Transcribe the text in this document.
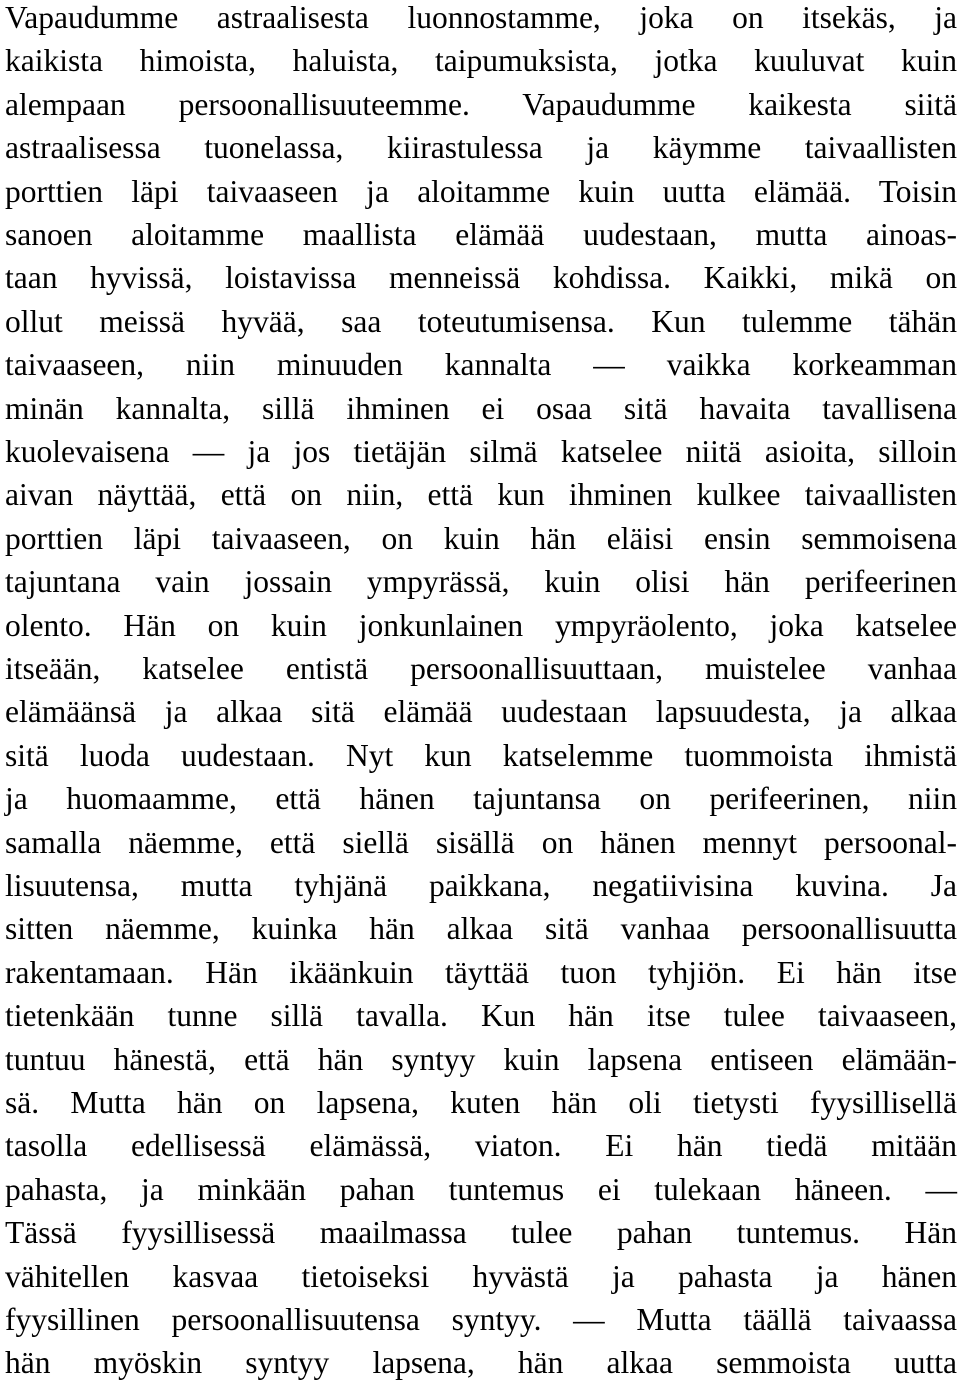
Vapaudumme astraalisesta luonnostamme, joka on itsekäs, ja
kaikista himoista, haluista, taipumuksista, jotka kuuluvat kuin
alempaan persoonallisuuteemme. Vapaudumme kaikesta siitä
astraalisessa tuonelassa, kiirastulessa ja käymme taivaallisten
porttien läpi taivaaseen ja aloitamme kuin uutta elämää. Toisin
sanoen aloitamme maallista elämää uudestaan, mutta ainoas-
taan hyvissä, loistavissa menneissä kohdissa. Kaikki, mikä on
ollut meissä hyvää, saa toteutumisensa. Kun tulemme tähän
taivaaseen, niin minuuden kannalta — vaikka korkeamman
minän kannalta, sillä ihminen ei osaa sitä havaita tavallisena
kuolevaisena — ja jos tietäjän silmä katselee niitä asioita, silloin
aivan näyttää, että on niin, että kun ihminen kulkee taivaallisten
porttien läpi taivaaseen, on kuin hän eläisi ensin semmoisena
tajuntana vain jossain ympyrässä, kuin olisi hän perifeerinen
olento. Hän on kuin jonkunlainen ympyräolento, joka katselee
itseään, katselee entistä persoonallisuuttaan, muistelee vanhaa
elämäänsä ja alkaa sitä elämää uudestaan lapsuudesta, ja alkaa
sitä luoda uudestaan. Nyt kun katselemme tuommoista ihmistä
ja huomaamme, että hänen tajuntansa on perifeerinen, niin
samalla näemme, että siellä sisällä on hänen mennyt persoonal-
lisuutensa, mutta tyhjänä paikkana, negatiivisina kuvina. Ja
sitten näemme, kuinka hän alkaa sitä vanhaa persoonallisuutta
rakentamaan. Hän ikäänkuin täyttää tuon tyhjiön. Ei hän itse
tietenkään tunne sillä tavalla. Kun hän itse tulee taivaaseen,
tuntuu hänestä, että hän syntyy kuin lapsena entiseen elämään-
sä. Mutta hän on lapsena, kuten hän oli tietysti fyysillisellä
tasolla edellisessä elämässä, viaton. Ei hän tiedä mitään
pahasta, ja minkään pahan tuntemus ei tulekaan häneen. —
Tässä fyysillisessä maailmassa tulee pahan tuntemus. Hän
vähitellen kasvaa tietoiseksi hyvästä ja pahasta ja hänen
fyysillinen persoonallisuutensa syntyy. — Mutta täällä taivaassa
hän myöskin syntyy lapsena, hän alkaa semmoista uutta
